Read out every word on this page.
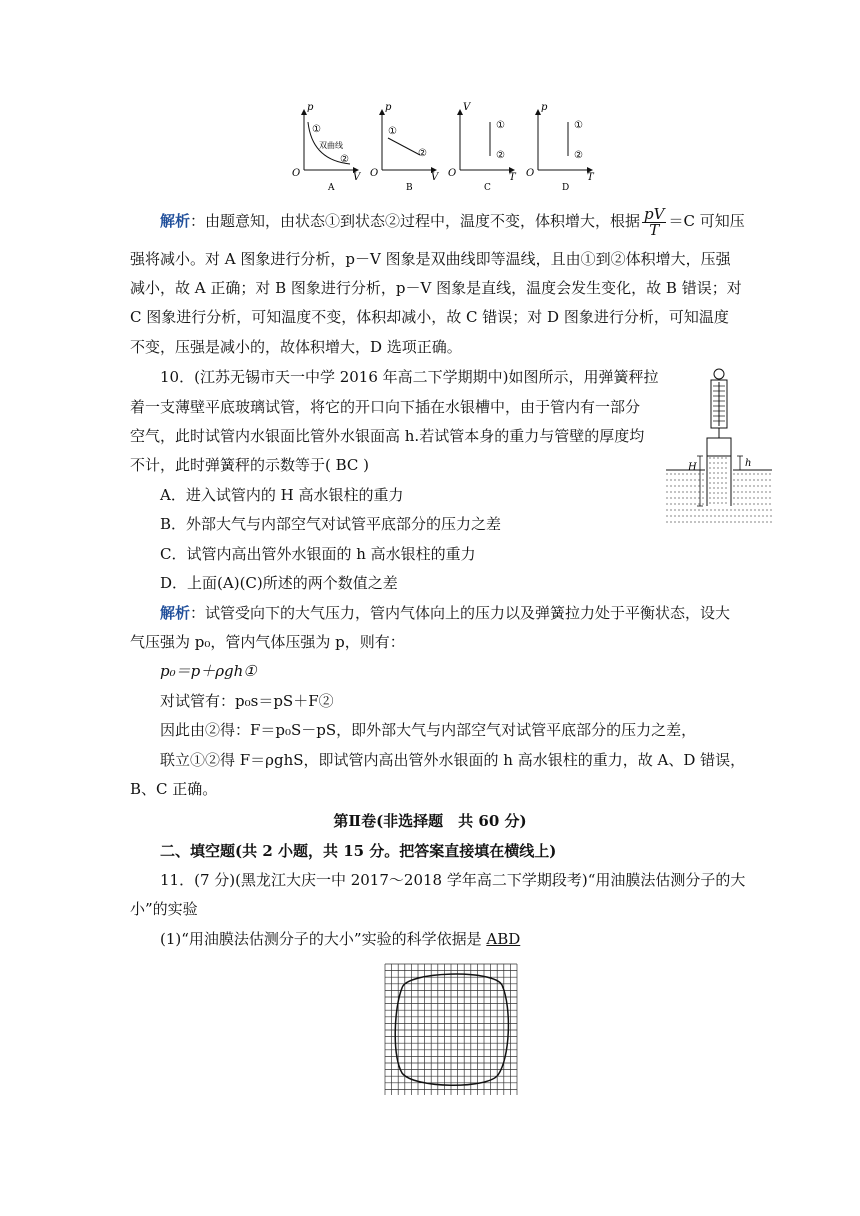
p
V
O
①
双曲线
②
A
p
V
O
①
②
B
V
T
O
①
②
C
p
T
O
①
②
D
解析：由题意知，由状态①到状态②过程中，温度不变，体积增大，根据 $\frac{pV}{T} =C$ 可知压
强将减小。对 A 图象进行分析，p－V 图象是双曲线即等温线，且由①到②体积增大，压强
减小，故 A 正确；对 B 图象进行分析，p－V 图象是直线，温度会发生变化，故 B 错误；对
C 图象进行分析，可知温度不变，体积却减小，故 C 错误；对 D 图象进行分析，可知温度
不变，压强是减小的，故体积增大，D 选项正确。
10．(江苏无锡市天一中学 2016 年高二下学期期中)如图所示，用弹簧秤拉
着一支薄壁平底玻璃试管，将它的开口向下插在水银槽中，由于管内有一部分
空气，此时试管内水银面比管外水银面高 h.若试管本身的重力与管壁的厚度均
不计，此时弹簧秤的示数等于( BC )
A．进入试管内的 H 高水银柱的重力
B．外部大气与内部空气对试管平底部分的压力之差
C．试管内高出管外水银面的 h 高水银柱的重力
D．上面(A)(C)所述的两个数值之差
H	h
解析：试管受向下的大气压力，管内气体向上的压力以及弹簧拉力处于平衡状态，设大
气压强为 p₀，管内气体压强为 p，则有：
p₀＝p＋ρgh①
对试管有：p₀s＝pS＋F②
因此由②得：F＝p₀S－pS，即外部大气与内部空气对试管平底部分的压力之差，
联立①②得 F＝ρghS，即试管内高出管外水银面的 h 高水银柱的重力，故 A、D 错误，
B、C 正确。
第Ⅱ卷(非选择题　共 60 分)
二、填空题(共 2 小题，共 15 分。把答案直接填在横线上)
11．(7 分)(黑龙江大庆一中 2017～2018 学年高二下学期段考)“用油膜法估测分子的大
小”的实验
(1)“用油膜法估测分子的大小”实验的科学依据是 ABD
